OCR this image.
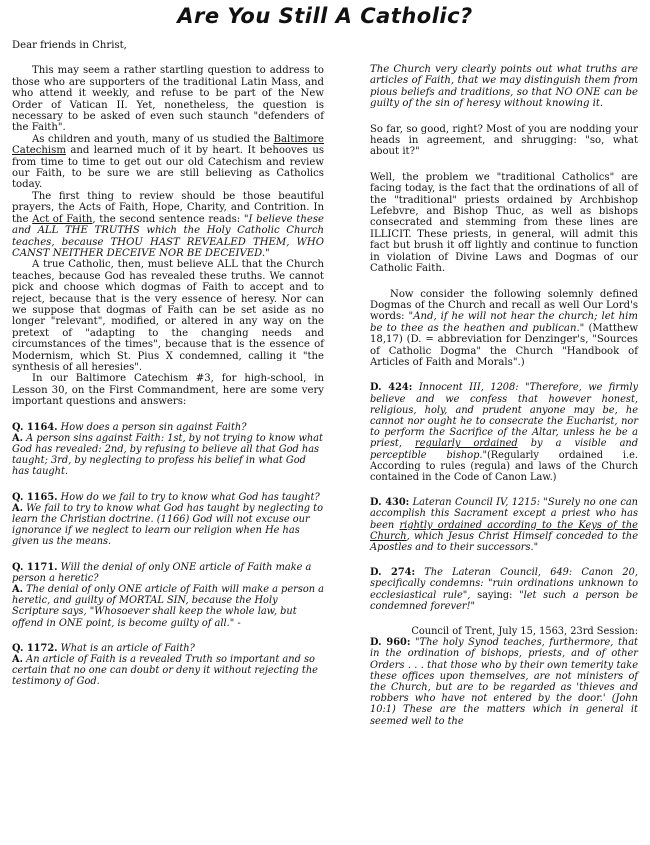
Are You Still A Catholic?

Dear friends in Christ,

This may seem a rather startling question to address to those who are supporters of the traditional Latin Mass, and who attend it weekly, and refuse to be part of the New Order of Vatican II. Yet, nonetheless, the question is necessary to be asked of even such staunch "defenders of the Faith".

As children and youth, many of us studied the Baltimore Catechism and learned much of it by heart. It behooves us from time to time to get out our old Catechism and review our Faith, to be sure we are still believing as Catholics today.

The first thing to review should be those beautiful prayers, the Acts of Faith, Hope, Charity, and Contrition. In the Act of Faith, the second sentence reads: "I believe these and ALL THE TRUTHS which the Holy Catholic Church teaches, because THOU HAST REVEALED THEM, WHO CANST NEITHER DECEIVE NOR BE DECEIVED."

A true Catholic, then, must believe ALL that the Church teaches, because God has revealed these truths. We cannot pick and choose which dogmas of Faith to accept and to reject, because that is the very essence of heresy. Nor can we suppose that dogmas of Faith can be set aside as no longer "relevant", modified, or altered in any way on the pretext of "adapting to the changing needs and circumstances of the times", because that is the essence of Modernism, which St. Pius X condemned, calling it "the synthesis of all heresies".

In our Baltimore Catechism #3, for high-school, in Lesson 30, on the First Commandment, here are some very important questions and answers:

Q. 1164. How does a person sin against Faith?
A. A person sins against Faith: 1st, by not trying to know what God has revealed: 2nd, by refusing to believe all that God has taught; 3rd, by neglecting to profess his belief in what God has taught.
Q. 1165. How do we fail to try to know what God has taught?
A. We fail to try to know what God has taught by neglecting to learn the Christian doctrine. (1166) God will not excuse our ignorance if we neglect to learn our religion when He has given us the means.
Q. 1171. Will the denial of only ONE article of Faith make a person a heretic?
A. The denial of only ONE article of Faith will make a person a heretic, and guilty of MORTAL SIN, because the Holy Scripture says, "Whosoever shall keep the whole law, but offend in ONE point, is become guilty of all." -
Q. 1172. What is an article of Faith?
A. An article of Faith is a revealed Truth so important and so certain that no one can doubt or deny it without rejecting the testimony of God.

The Church very clearly points out what truths are articles of Faith, that we may distinguish them from pious beliefs and traditions, so that NO ONE can be guilty of the sin of heresy without knowing it.

So far, so good, right? Most of you are nodding your heads in agreement, and shrugging: "so, what about it?"

Well, the problem we "traditional Catholics" are facing today, is the fact that the ordinations of all of the "traditional" priests ordained by Archbishop Lefebvre, and Bishop Thuc, as well as bishops consecrated and stemming from these lines are ILLICIT. These priests, in general, will admit this fact but brush it off lightly and continue to function in violation of Divine Laws and Dogmas of our Catholic Faith.

Now consider the following solemnly defined Dogmas of the Church and recall as well Our Lord's words: "And, if he will not hear the church; let him be to thee as the heathen and publican." (Matthew 18,17) (D. = abbreviation for Denzinger's, "Sources of Catholic Dogma" the Church "Handbook of Articles of Faith and Morals".)

D. 424: Innocent III, 1208: "Therefore, we firmly believe and we confess that however honest, religious, holy, and prudent anyone may be, he cannot nor ought he to consecrate the Eucharist, nor to perform the Sacrifice of the Altar, unless he be a priest, regularly ordained by a visible and perceptible bishop."(Regularly ordained i.e. According to rules (regula) and laws of the Church contained in the Code of Canon Law.)

D. 430: Lateran Council IV, 1215: "Surely no one can accomplish this Sacrament except a priest who has been rightly ordained according to the Keys of the Church, which Jesus Christ Himself conceded to the Apostles and to their successors."

D. 274: The Lateran Council, 649: Canon 20, specifically condemns: "ruin ordinations unknown to ecclesiastical rule", saying: "let such a person be condemned forever!"

Council of Trent, July 15, 1563, 23rd Session:

D. 960: "The holy Synod teaches, furthermore, that in the ordination of bishops, priests, and of other Orders . . . that those who by their own temerity take these offices upon themselves, are not ministers of the Church, but are to be regarded as 'thieves and robbers who have not entered by the door.' (John 10:1) These are the matters which in general it seemed well to the
